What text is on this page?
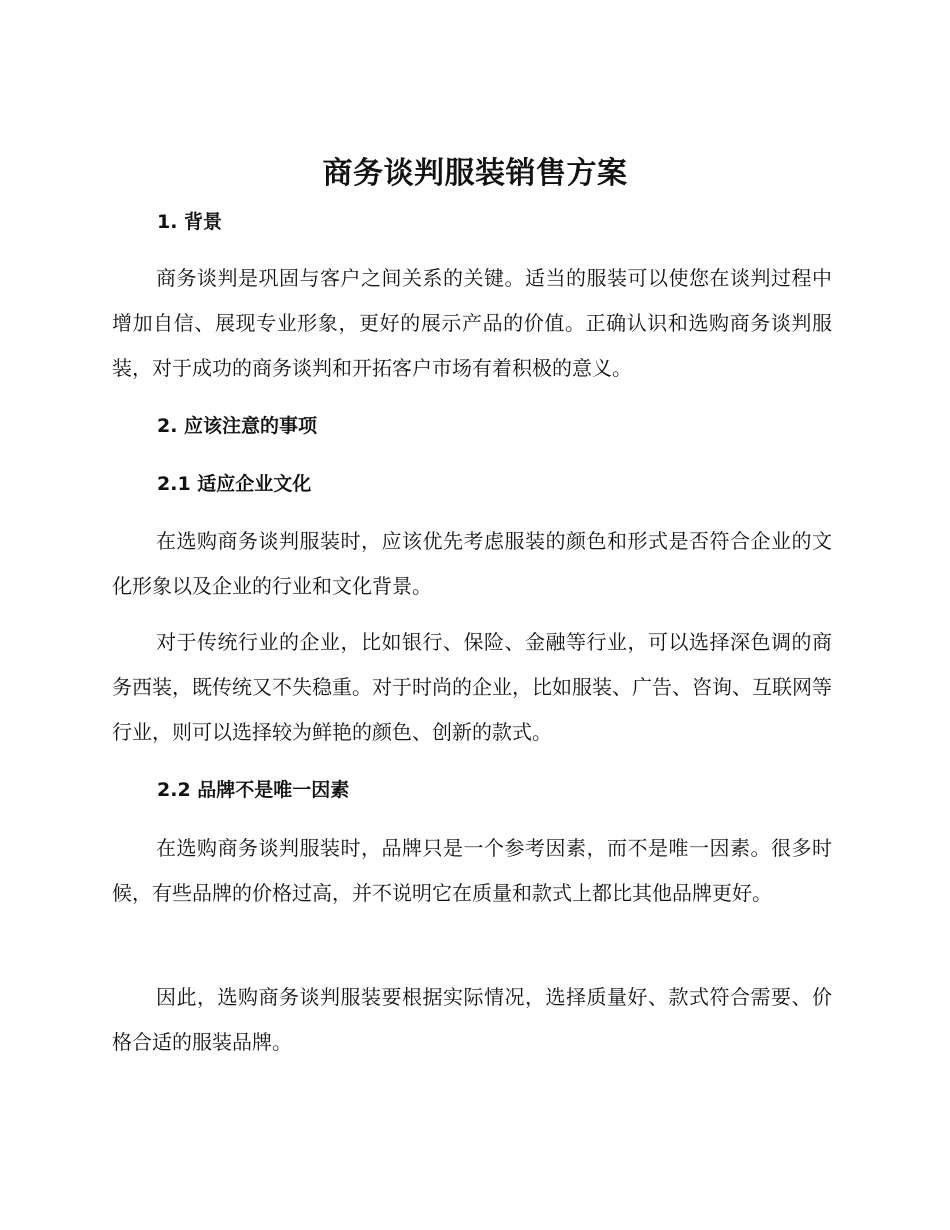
商务谈判服装销售方案
1. 背景
商务谈判是巩固与客户之间关系的关键。适当的服装可以使您在谈判过程中增加自信、展现专业形象，更好的展示产品的价值。正确认识和选购商务谈判服装，对于成功的商务谈判和开拓客户市场有着积极的意义。
2. 应该注意的事项
2.1 适应企业文化
在选购商务谈判服装时，应该优先考虑服装的颜色和形式是否符合企业的文化形象以及企业的行业和文化背景。
对于传统行业的企业，比如银行、保险、金融等行业，可以选择深色调的商务西装，既传统又不失稳重。对于时尚的企业，比如服装、广告、咨询、互联网等行业，则可以选择较为鲜艳的颜色、创新的款式。
2.2 品牌不是唯一因素
在选购商务谈判服装时，品牌只是一个参考因素，而不是唯一因素。很多时候，有些品牌的价格过高，并不说明它在质量和款式上都比其他品牌更好。
因此，选购商务谈判服装要根据实际情况，选择质量好、款式符合需要、价格合适的服装品牌。
